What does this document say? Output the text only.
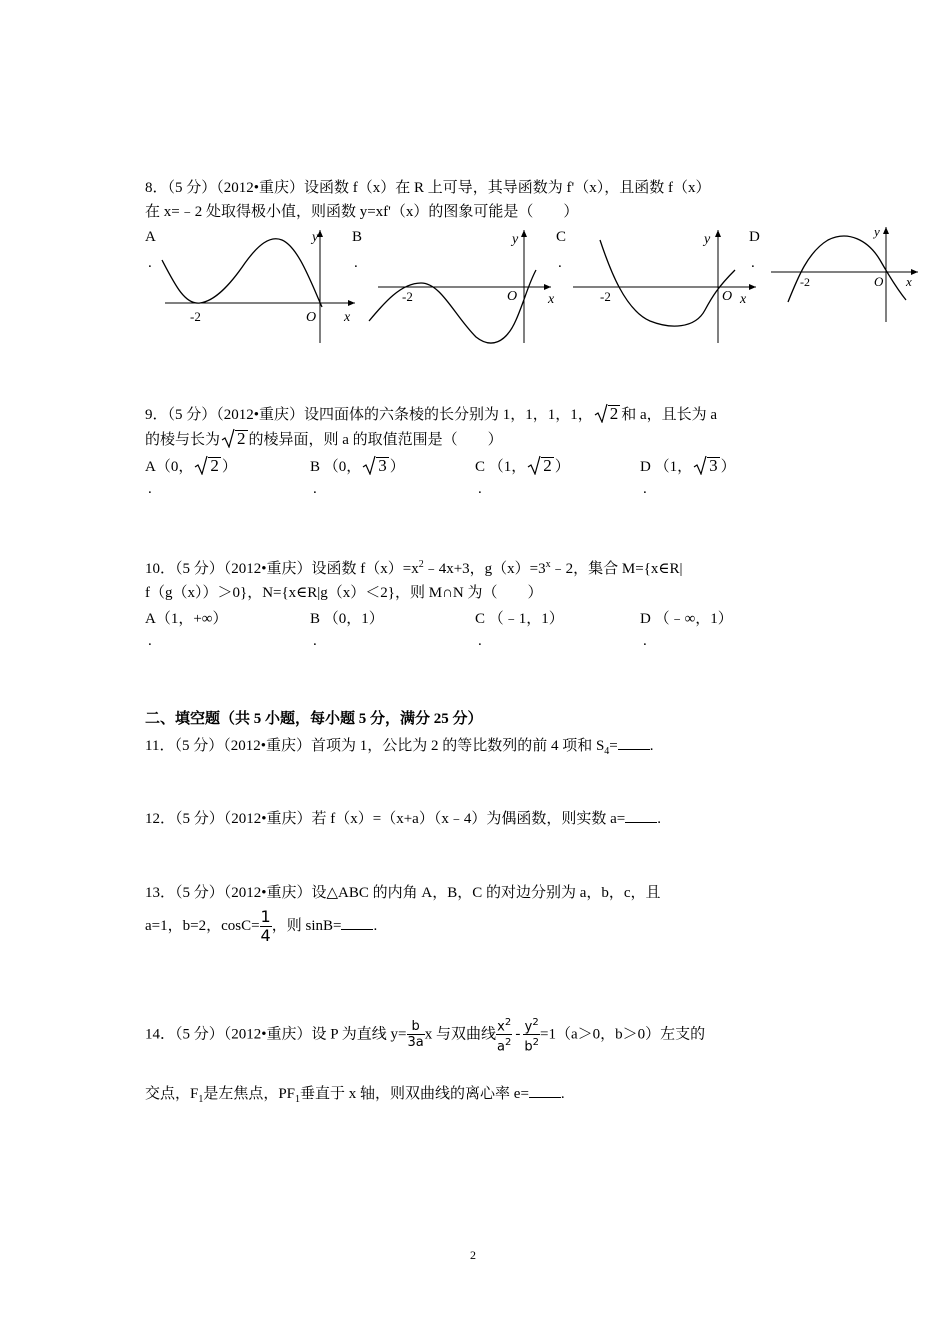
8．（5 分）（2012•重庆）设函数 f（x）在 R 上可导，其导函数为 f'（x），且函数 f（x）
在 x=﹣2 处取得极小值，则函数 y=xf'（x）的图象可能是（　　）
A
.
B
.
C
.
D
.
y
x
O
-2
y
x
O
-2
y
x
O
-2
y
x
O
-2
9．（5 分）（2012•重庆）设四面体的六条棱的长分别为 1，1，1，1， 2 和 a，且长为 a
的棱与长为 2 的棱异面，则 a 的取值范围是（　　）
A（0， 2 ）	B （0， 3 ）	C （1， 2 ）	D （1， 3 ）
.	.	.	.
10．（5 分）（2012•重庆）设函数 $f(x)=x^2﹣4x+3$，$g(x)=3^x﹣2$，集合 M={x∈R|
f（g（x））＞0}，N={x∈R|g（x）＜2}，则 M∩N 为（　　）
A（1，+∞）	B （0，1）	C （﹣1，1）	D （﹣∞，1）
.	.	.	.
二、填空题（共 5 小题，每小题 5 分，满分 25 分）
11．（5 分）（2012•重庆）首项为 1，公比为 2 的等比数列的前 4 项和 $S_4=$ .
12．（5 分）（2012•重庆）若 f（x）=（x+a）（x﹣4）为偶函数，则实数 a= .
13．（5 分）（2012•重庆）设△ABC 的内角 A，B，C 的对边分别为 a，b，c，且
a=1，b=2，$\cos C= \frac{1}{4}$ ，则 sinB= .
14．（5 分）（2012•重庆）设 P 为直线 $y= \frac{b}{3a}$ x 与双曲线 $\frac{x^2}{a^2} - \frac{y^2}{b^2} =1(a>0$，b＞0）左支的
交点，$F_1$是左焦点，$PF_1$垂直于 x 轴，则双曲线的离心率 e= .
2
